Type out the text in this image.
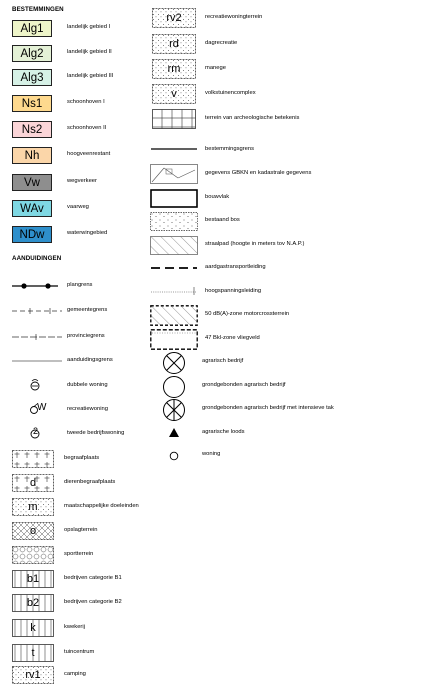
BESTEMMINGEN
Alg1	landelijk gebied I
Alg2	landelijk gebied II
Alg3	landelijk gebied III
Ns1	schoonhoven I
Ns2	schoonhoven II
Nh	hoogveenrestant
Vw	wegverkeer
WAv	vaarweg
NDw	waterwingebied
AANDUIDINGEN
plangrens
gemeentegrens
provinciegrens
aanduidingsgrens
dubbele woning
W	recreatiewoning
2	tweede bedrijfswoning
begraafplaats
d	dierenbegraafplaats
m	maatschappelijke doeleinden
o	opslagterrein
sportterrein
b1	bedrijven categorie B1
b2	bedrijven categorie B2
k	kwekerij
t	tuincentrum
rv1	camping
rv2	recreatiewoningterrein
rd	dagrecreatie
rm	manege
v	volkstuinencomplex
terrein van archeologische betekenis
bestemmingsgrens
gegevens GBKN en kadastrale gegevens
bouwvlak
bestaand bos
straalpad (hoogte in meters tov N.A.P.)
aardgastransportleiding
hoogspanningsleiding
50 dB(A)-zone motorcrossterrein
47 Bkl-zone vliegveld
agrarisch bedrijf
grondgebonden agrarisch bedrijf
grondgebonden agrarisch bedrijf met intensieve tak
agrarische loods
woning
